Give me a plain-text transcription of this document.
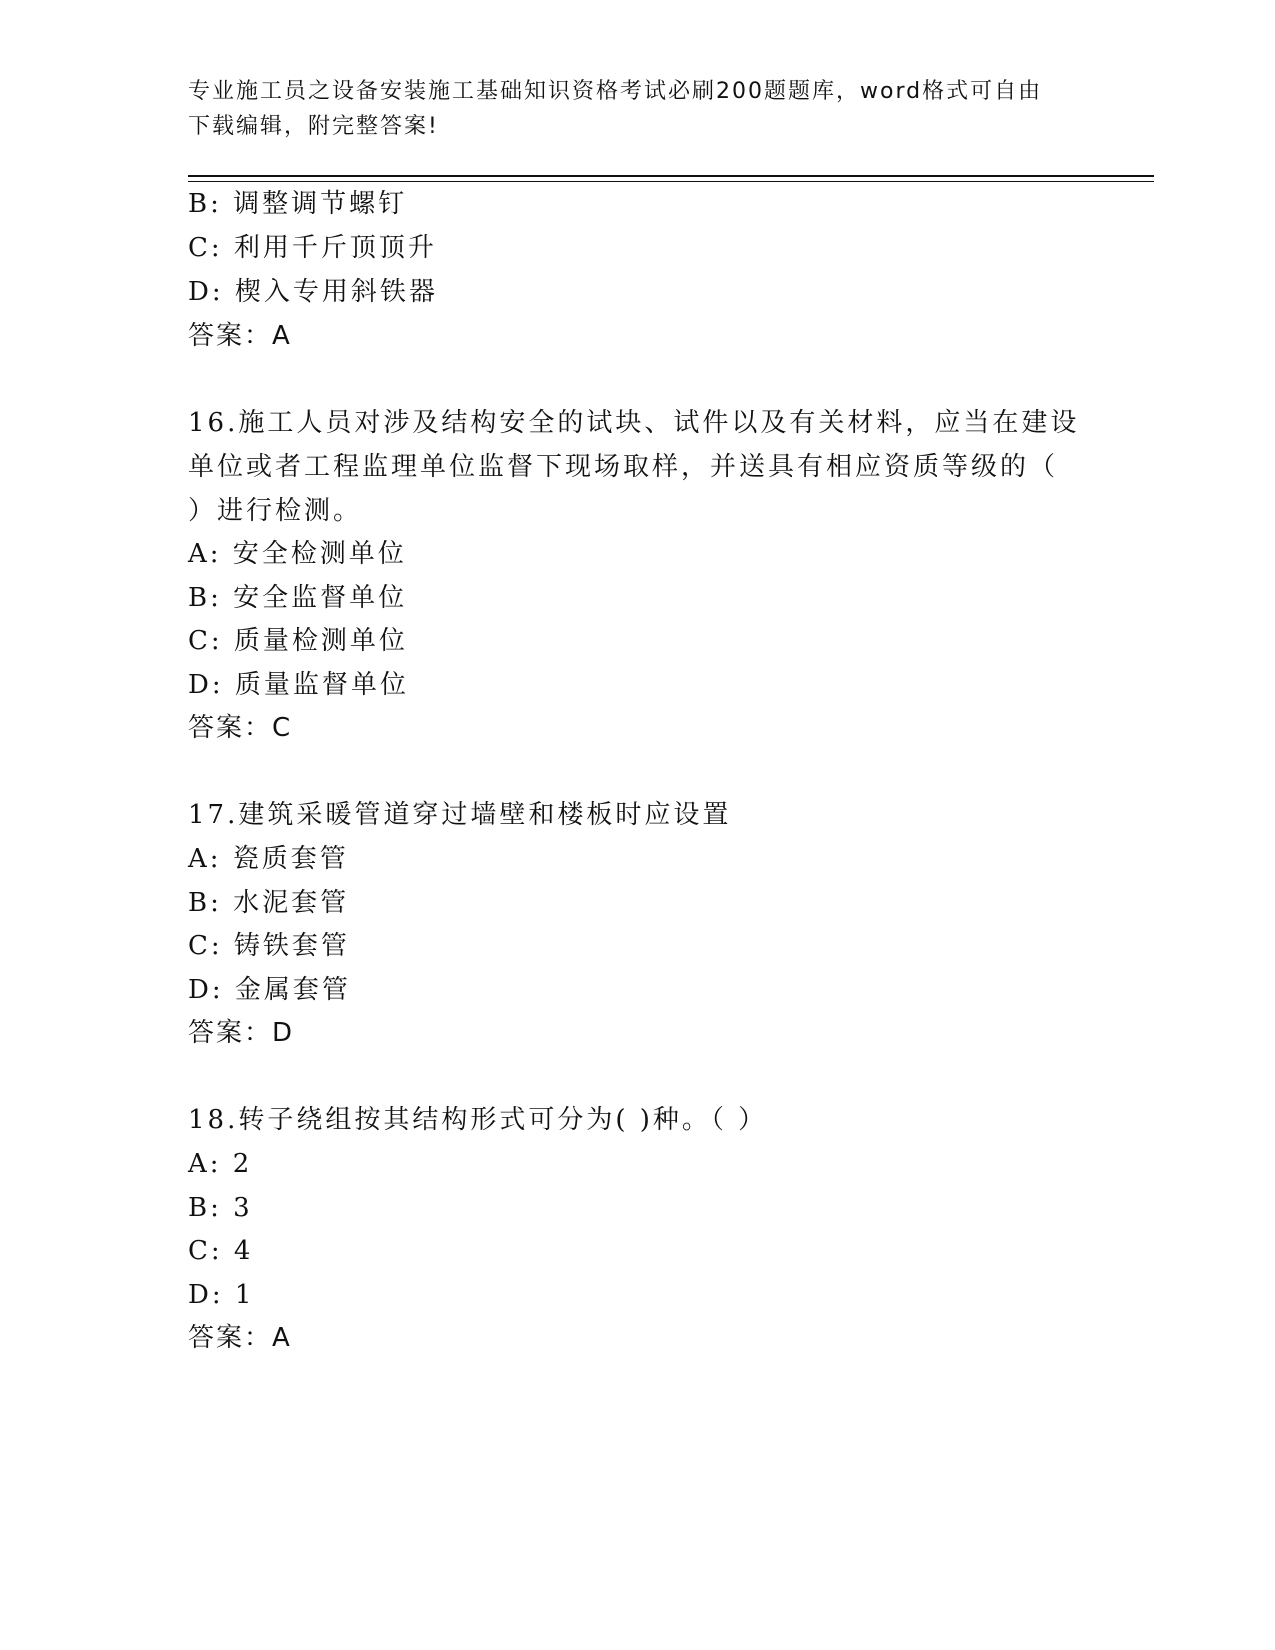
专业施工员之设备安装施工基础知识资格考试必刷200题题库，word格式可自由
下载编辑，附完整答案!
B: 调整调节螺钉
C: 利用千斤顶顶升
D: 楔入专用斜铁器
答案：A
16.施工人员对涉及结构安全的试块、试件以及有关材料，应当在建设
单位或者工程监理单位监督下现场取样，并送具有相应资质等级的（
）进行检测。
A: 安全检测单位
B: 安全监督单位
C: 质量检测单位
D: 质量监督单位
答案：C
17.建筑采暖管道穿过墙壁和楼板时应设置
A: 瓷质套管
B: 水泥套管
C: 铸铁套管
D: 金属套管
答案：D
18.转子绕组按其结构形式可分为( )种。（ ）
A: 2
B: 3
C: 4
D: 1
答案：A
